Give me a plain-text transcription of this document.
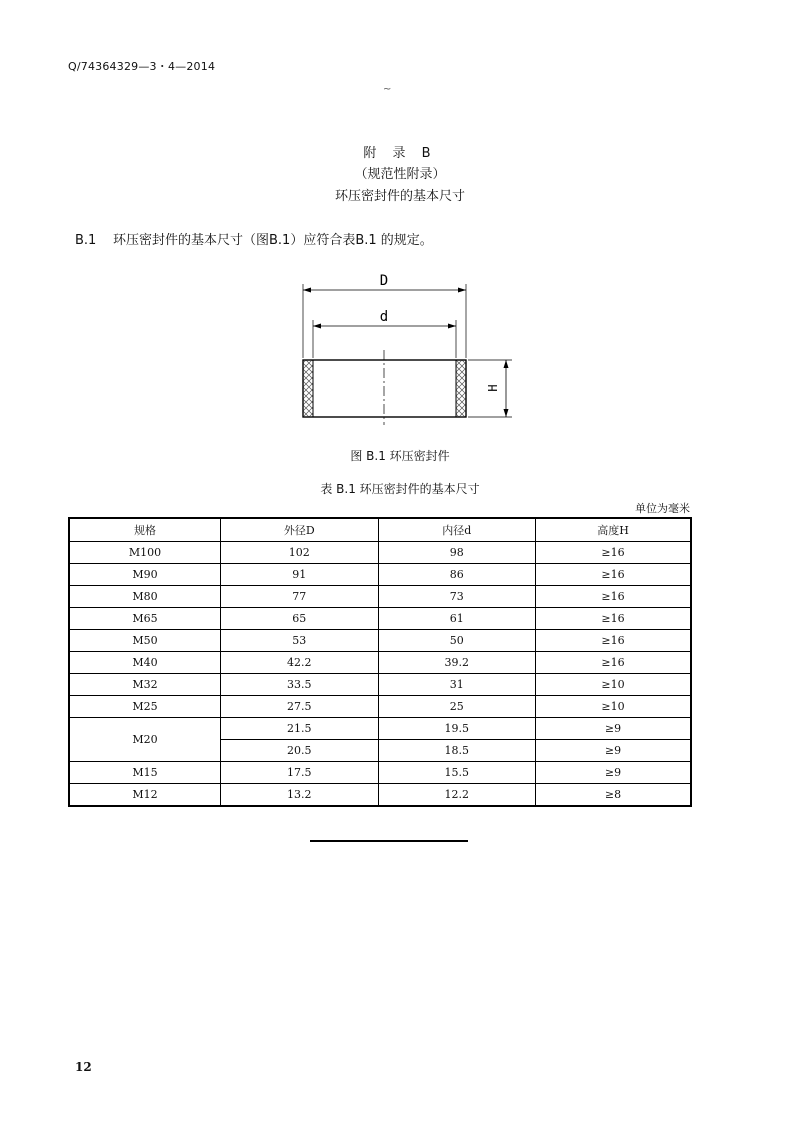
Q/74364329—3・4—2014
~
附 录 B
（规范性附录）
环压密封件的基本尺寸
B.1 环压密封件的基本尺寸（图B.1）应符合表B.1 的规定。
D
d
H
图 B.1 环压密封件
表 B.1 环压密封件的基本尺寸
单位为毫米
规格	外径D	内径d	高度H
M100	102	98	≥16
M90	91	86	≥16
M80	77	73	≥16
M65	65	61	≥16
M50	53	50	≥16
M40	42.2	39.2	≥16
M32	33.5	31	≥10
M25	27.5	25	≥10
M20	21.5	19.5	≥9
	20.5	18.5	≥9
M15	17.5	15.5	≥9
M12	13.2	12.2	≥8
12
